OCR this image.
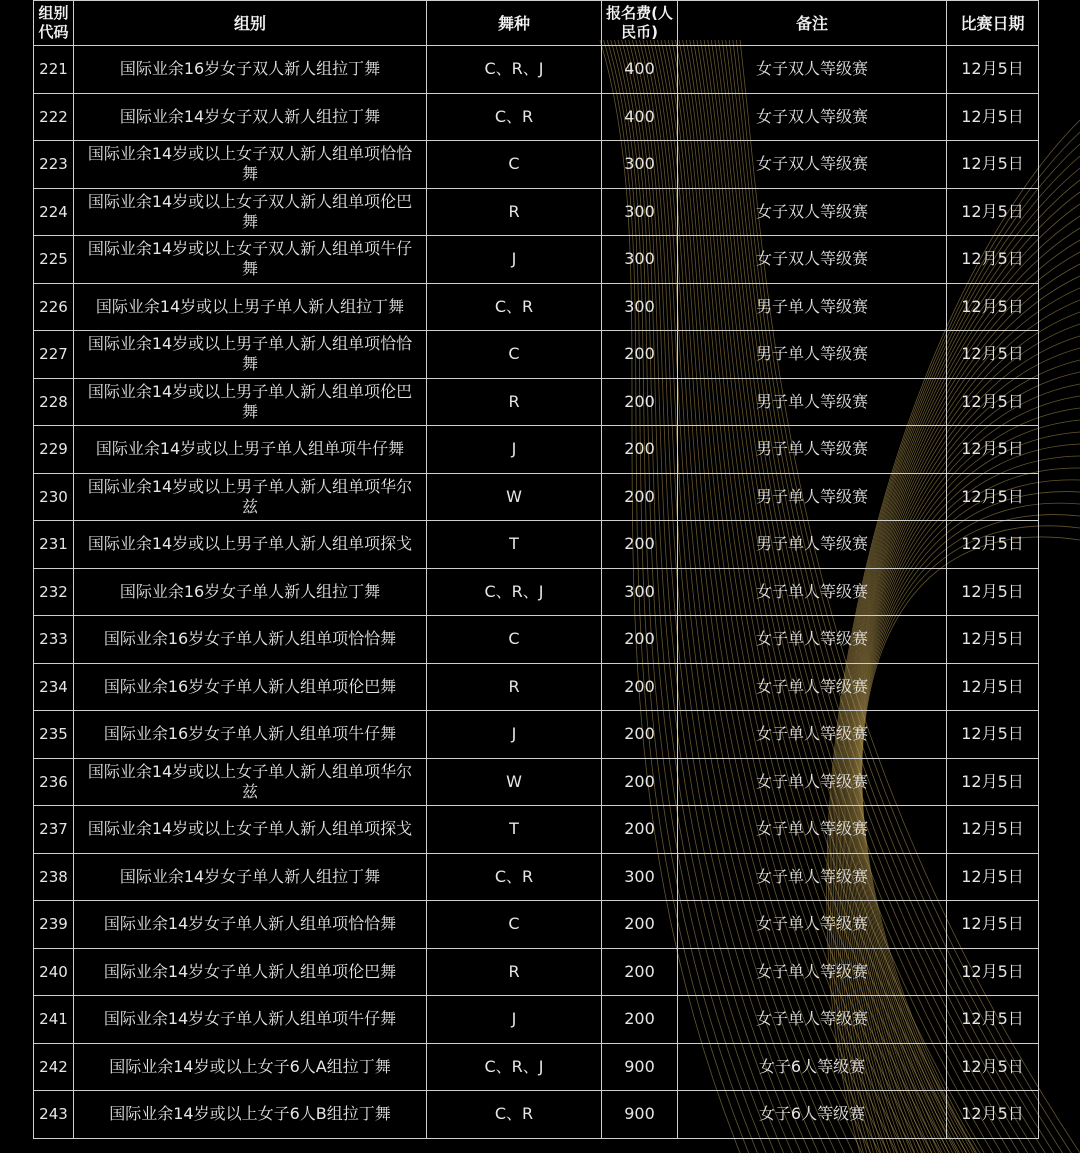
组别代码	组别	舞种	报名费(人民币)	备注	比赛日期
221	国际业余16岁女子双人新人组拉丁舞	C、R、J	400	女子双人等级赛	12月5日
222	国际业余14岁女子双人新人组拉丁舞	C、R	400	女子双人等级赛	12月5日
223	国际业余14岁或以上女子双人新人组单项恰恰舞	C	300	女子双人等级赛	12月5日
224	国际业余14岁或以上女子双人新人组单项伦巴舞	R	300	女子双人等级赛	12月5日
225	国际业余14岁或以上女子双人新人组单项牛仔舞	J	300	女子双人等级赛	12月5日
226	国际业余14岁或以上男子单人新人组拉丁舞	C、R	300	男子单人等级赛	12月5日
227	国际业余14岁或以上男子单人新人组单项恰恰舞	C	200	男子单人等级赛	12月5日
228	国际业余14岁或以上男子单人新人组单项伦巴舞	R	200	男子单人等级赛	12月5日
229	国际业余14岁或以上男子单人组单项牛仔舞	J	200	男子单人等级赛	12月5日
230	国际业余14岁或以上男子单人新人组单项华尔兹	W	200	男子单人等级赛	12月5日
231	国际业余14岁或以上男子单人新人组单项探戈	T	200	男子单人等级赛	12月5日
232	国际业余16岁女子单人新人组拉丁舞	C、R、J	300	女子单人等级赛	12月5日
233	国际业余16岁女子单人新人组单项恰恰舞	C	200	女子单人等级赛	12月5日
234	国际业余16岁女子单人新人组单项伦巴舞	R	200	女子单人等级赛	12月5日
235	国际业余16岁女子单人新人组单项牛仔舞	J	200	女子单人等级赛	12月5日
236	国际业余14岁或以上女子单人新人组单项华尔兹	W	200	女子单人等级赛	12月5日
237	国际业余14岁或以上女子单人新人组单项探戈	T	200	女子单人等级赛	12月5日
238	国际业余14岁女子单人新人组拉丁舞	C、R	300	女子单人等级赛	12月5日
239	国际业余14岁女子单人新人组单项恰恰舞	C	200	女子单人等级赛	12月5日
240	国际业余14岁女子单人新人组单项伦巴舞	R	200	女子单人等级赛	12月5日
241	国际业余14岁女子单人新人组单项牛仔舞	J	200	女子单人等级赛	12月5日
242	国际业余14岁或以上女子6人A组拉丁舞	C、R、J	900	女子6人等级赛	12月5日
243	国际业余14岁或以上女子6人B组拉丁舞	C、R	900	女子6人等级赛	12月5日
